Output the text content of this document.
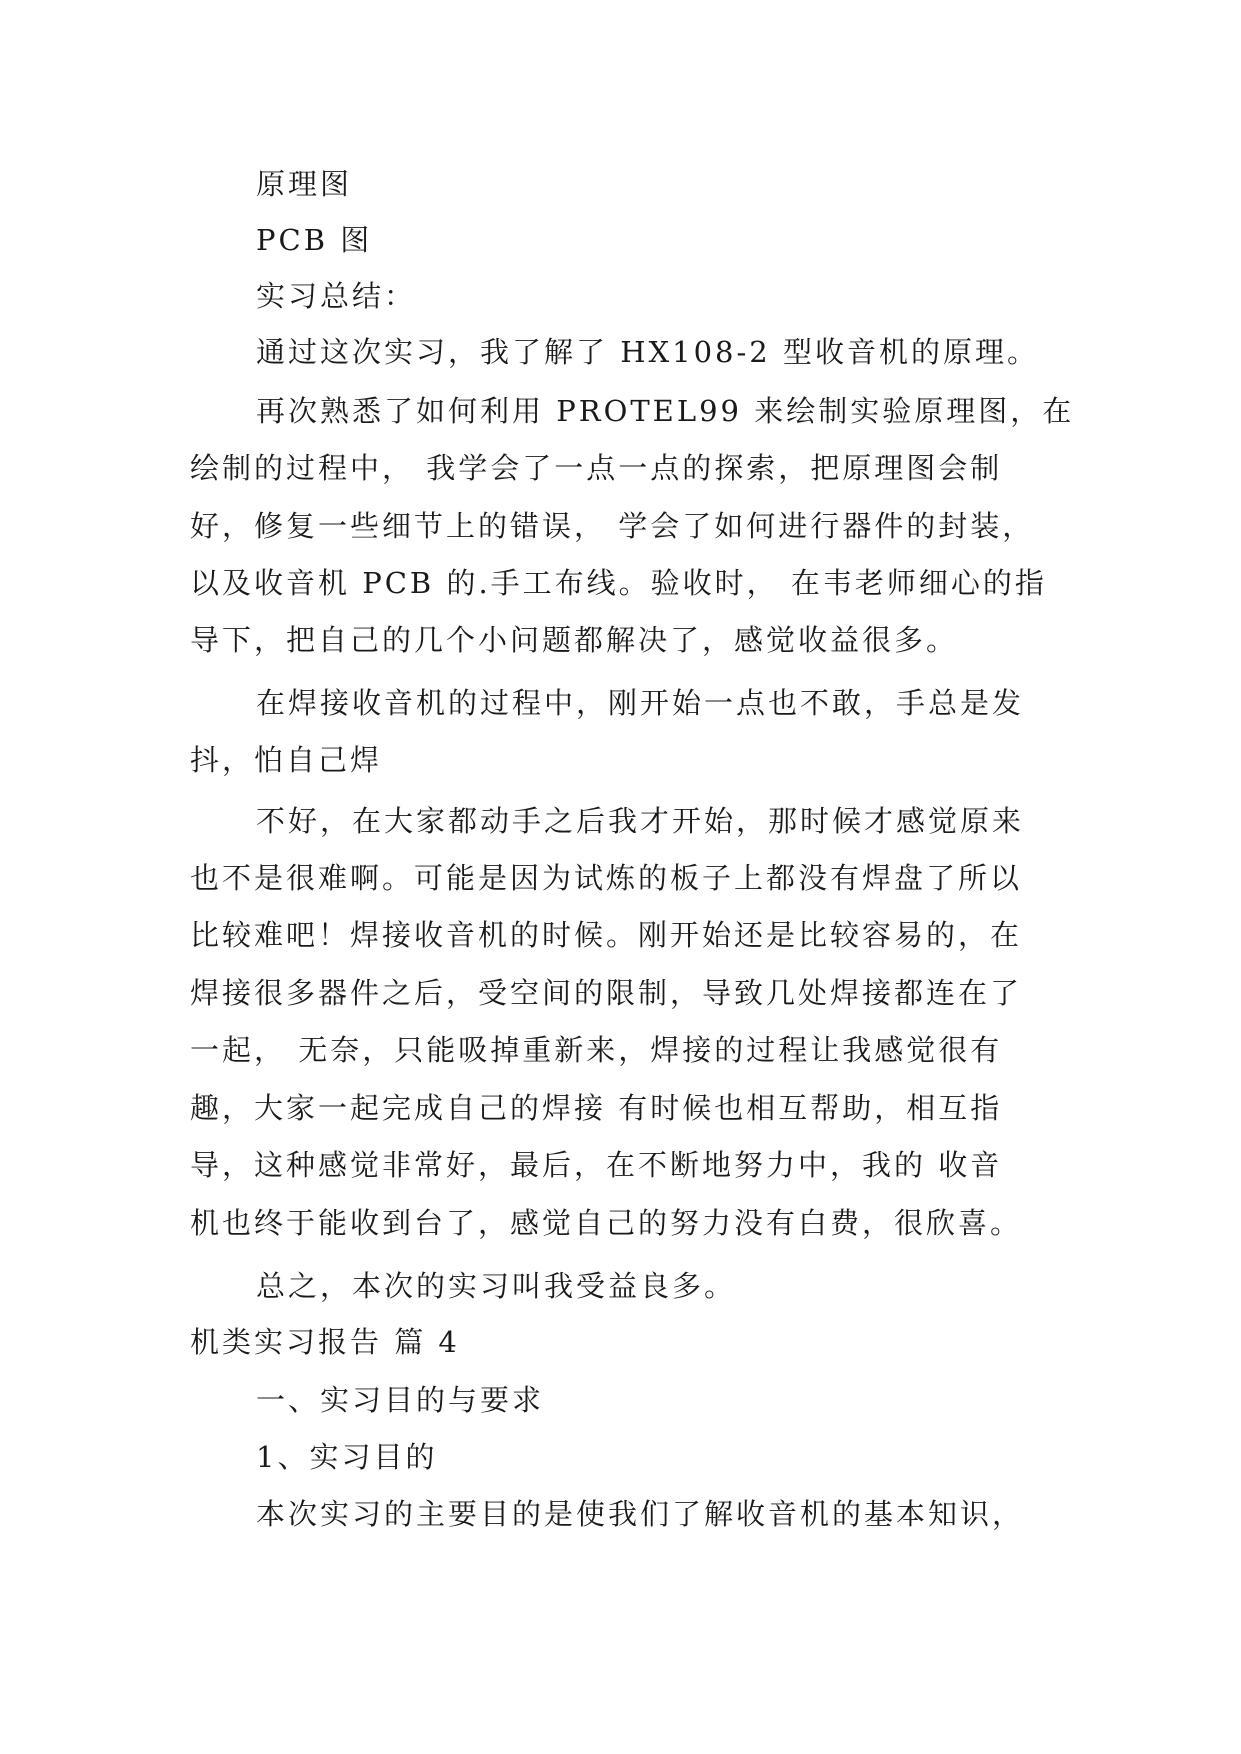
原理图
PCB 图
实习总结：
通过这次实习，我了解了 HX108-2 型收音机的原理。
再次熟悉了如何利用 PROTEL99 来绘制实验原理图，在
绘制的过程中， 我学会了一点一点的探索，把原理图会制
好，修复一些细节上的错误， 学会了如何进行器件的封装，
以及收音机 PCB 的.手工布线。验收时， 在韦老师细心的指
导下，把自己的几个小问题都解决了，感觉收益很多。
在焊接收音机的过程中，刚开始一点也不敢，手总是发
抖，怕自己焊
不好，在大家都动手之后我才开始，那时候才感觉原来
也不是很难啊。可能是因为试炼的板子上都没有焊盘了所以
比较难吧！焊接收音机的时候。刚开始还是比较容易的，在
焊接很多器件之后，受空间的限制，导致几处焊接都连在了
一起， 无奈，只能吸掉重新来，焊接的过程让我感觉很有
趣，大家一起完成自己的焊接 有时候也相互帮助，相互指
导，这种感觉非常好，最后，在不断地努力中，我的 收音
机也终于能收到台了，感觉自己的努力没有白费，很欣喜。
总之，本次的实习叫我受益良多。
机类实习报告 篇 4
一、实习目的与要求
1、实习目的
本次实习的主要目的是使我们了解收音机的基本知识，
